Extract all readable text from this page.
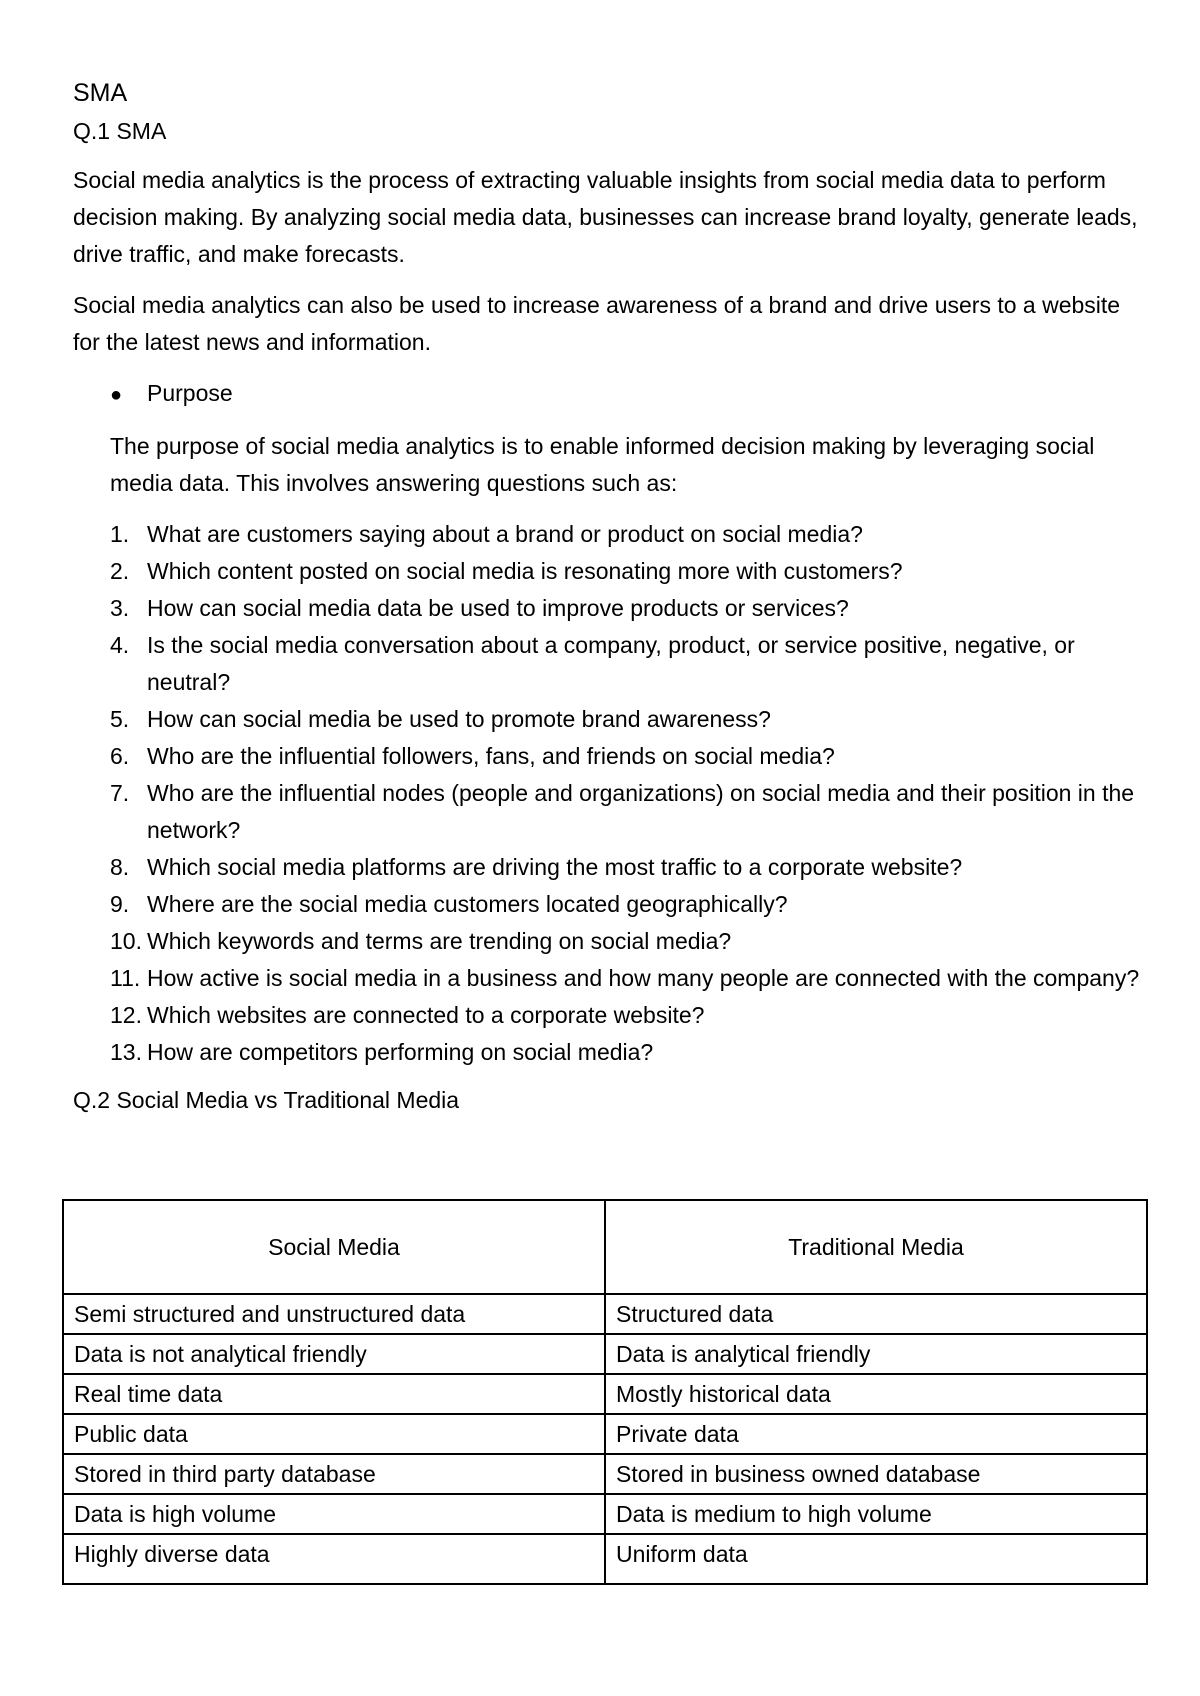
SMA
Q.1 SMA

Social media analytics is the process of extracting valuable insights from social media data to perform decision making. By analyzing social media data, businesses can increase brand loyalty, generate leads, drive traffic, and make forecasts.

Social media analytics can also be used to increase awareness of a brand and drive users to a website for the latest news and information.

●	Purpose

The purpose of social media analytics is to enable informed decision making by leveraging social media data. This involves answering questions such as:

1. What are customers saying about a brand or product on social media?
2. Which content posted on social media is resonating more with customers?
3. How can social media data be used to improve products or services?
4. Is the social media conversation about a company, product, or service positive, negative, or neutral?
5. How can social media be used to promote brand awareness?
6. Who are the influential followers, fans, and friends on social media?
7. Who are the influential nodes (people and organizations) on social media and their position in the network?
8. Which social media platforms are driving the most traffic to a corporate website?
9. Where are the social media customers located geographically?
10. Which keywords and terms are trending on social media?
11. How active is social media in a business and how many people are connected with the company?
12. Which websites are connected to a corporate website?
13. How are competitors performing on social media?
Q.2 Social Media vs Traditional Media
Social Media	Traditional Media
Semi structured and unstructured data	Structured data
Data is not analytical friendly	Data is analytical friendly
Real time data	Mostly historical data
Public data	Private data
Stored in third party database	Stored in business owned database
Data is high volume	Data is medium to high volume
Highly diverse data	Uniform data
